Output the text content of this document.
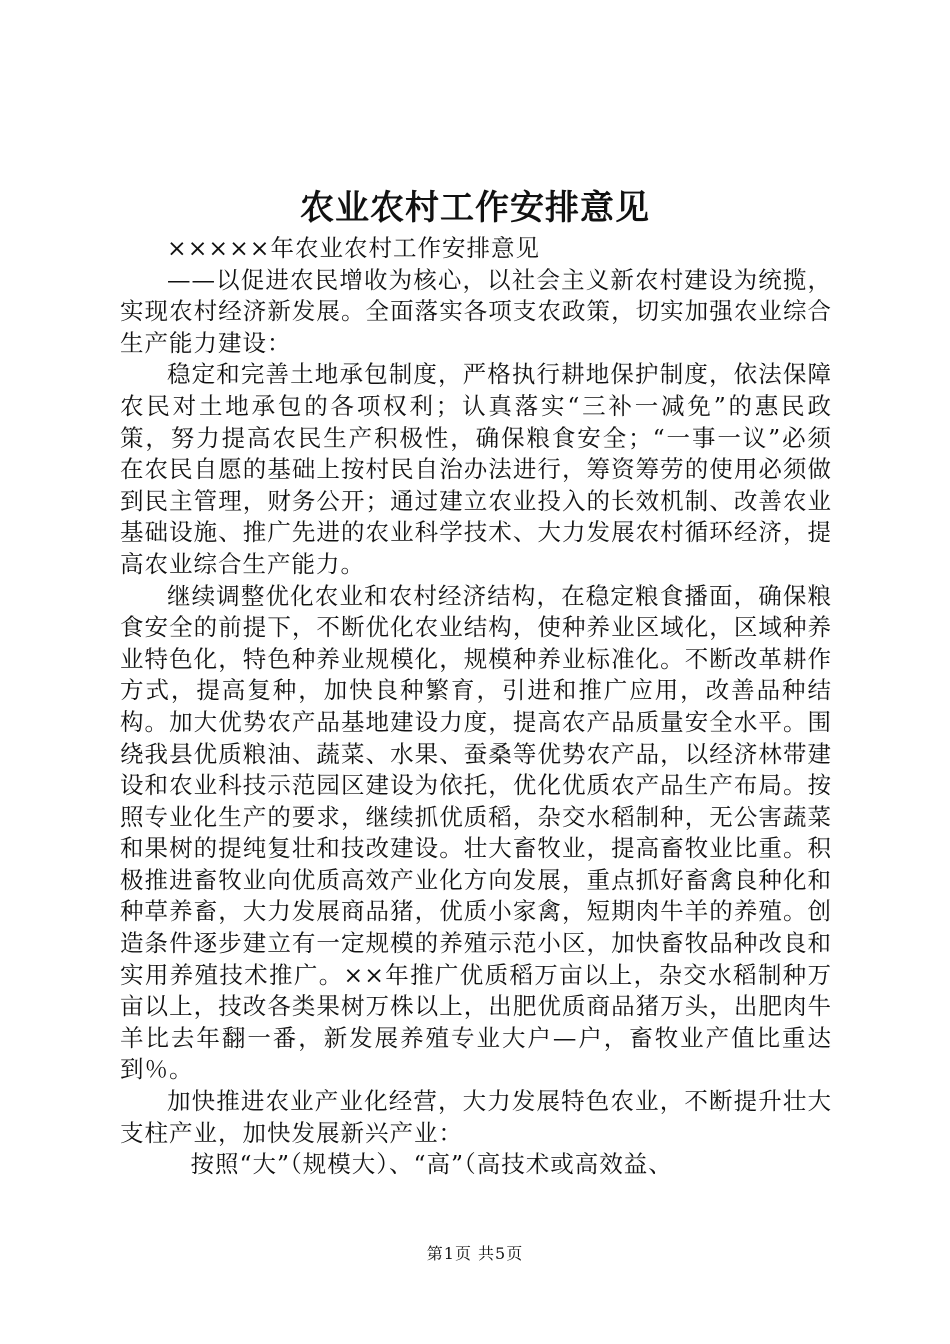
农业农村工作安排意见

×××××年农业农村工作安排意见

——以促进农民增收为核心，以社会主义新农村建设为统揽，实现农村经济新发展。全面落实各项支农政策，切实加强农业综合生产能力建设：

稳定和完善土地承包制度，严格执行耕地保护制度，依法保障农民对土地承包的各项权利；认真落实“三补一减免”的惠民政策，努力提高农民生产积极性，确保粮食安全；“一事一议”必须在农民自愿的基础上按村民自治办法进行，筹资筹劳的使用必须做到民主管理，财务公开；通过建立农业投入的长效机制、改善农业基础设施、推广先进的农业科学技术、大力发展农村循环经济，提高农业综合生产能力。

继续调整优化农业和农村经济结构，在稳定粮食播面，确保粮食安全的前提下，不断优化农业结构，使种养业区域化，区域种养业特色化，特色种养业规模化，规模种养业标准化。不断改革耕作方式，提高复种，加快良种繁育，引进和推广应用，改善品种结构。加大优势农产品基地建设力度，提高农产品质量安全水平。围绕我县优质粮油、蔬菜、水果、蚕桑等优势农产品，以经济林带建设和农业科技示范园区建设为依托，优化优质农产品生产布局。按照专业化生产的要求，继续抓优质稻，杂交水稻制种，无公害蔬菜和果树的提纯复壮和技改建设。壮大畜牧业，提高畜牧业比重。积极推进畜牧业向优质高效产业化方向发展，重点抓好畜禽良种化和种草养畜，大力发展商品猪，优质小家禽，短期肉牛羊的养殖。创造条件逐步建立有一定规模的养殖示范小区，加快畜牧品种改良和实用养殖技术推广。××年推广优质稻万亩以上，杂交水稻制种万亩以上，技改各类果树万株以上，出肥优质商品猪万头，出肥肉牛羊比去年翻一番，新发展养殖专业大户—户，畜牧业产值比重达到％。

加快推进农业产业化经营，大力发展特色农业，不断提升壮大支柱产业，加快发展新兴产业：

按照“大”（规模大）、“高”（高技术或高效益、

第1页 共5页
